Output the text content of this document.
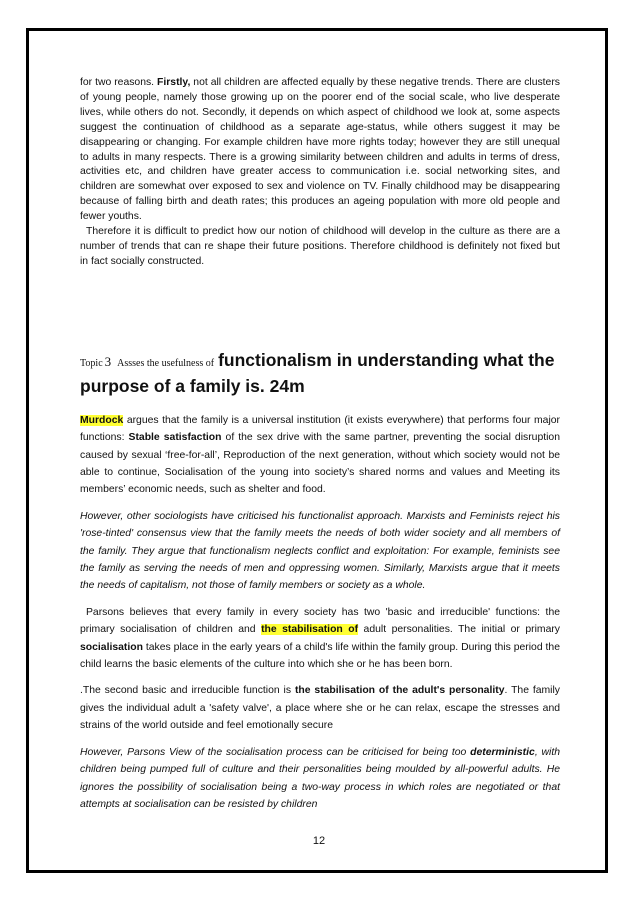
for two reasons. Firstly, not all children are affected equally by these negative trends. There are clusters of young people, namely those growing up on the poorer end of the social scale, who live desperate lives, while others do not. Secondly, it depends on which aspect of childhood we look at, some aspects suggest the continuation of childhood as a separate age-status, while others suggest it may be disappearing or changing. For example children have more rights today; however they are still unequal to adults in many respects. There is a growing similarity between children and adults in terms of dress, activities etc, and children have greater access to communication i.e. social networking sites, and children are somewhat over exposed to sex and violence on TV. Finally childhood may be disappearing because of falling birth and death rates; this produces an ageing population with more old people and fewer youths.

Therefore it is difficult to predict how our notion of childhood will develop in the culture as there are a number of trends that can re shape their future positions. Therefore childhood is definitely not fixed but in fact socially constructed.

Topic 3 Assses the usefulness of functionalism in understanding what the
purpose of a family is. 24m

Murdock argues that the family is a universal institution (it exists everywhere) that performs four major functions: Stable satisfaction of the sex drive with the same partner, preventing the social disruption caused by sexual ‘free-for-all’, Reproduction of the next generation, without which society would not be able to continue, Socialisation of the young into society’s shared norms and values and Meeting its members’ economic needs, such as shelter and food.

However, other sociologists have criticised his functionalist approach. Marxists and Feminists reject his 'rose-tinted' consensus view that the family meets the needs of both wider society and all members of the family. They argue that functionalism neglects conflict and exploitation: For example, feminists see the family as serving the needs of men and oppressing women. Similarly, Marxists argue that it meets the needs of capitalism, not those of family members or society as a whole.

Parsons believes that every family in every society has two 'basic and irreducible' functions: the primary socialisation of children and the stabilisation of adult personalities. The initial or primary socialisation takes place in the early years of a child's life within the family group. During this period the child learns the basic elements of the culture into which she or he has been born.

.The second basic and irreducible function is the stabilisation of the adult's personality. The family gives the individual adult a 'safety valve', a place where she or he can relax, escape the stresses and strains of the world outside and feel emotionally secure

However, Parsons View of the socialisation process can be criticised for being too deterministic, with children being pumped full of culture and their personalities being moulded by all-powerful adults. He ignores the possibility of socialisation being a two-way process in which roles are negotiated or that attempts at socialisation can be resisted by children

12
